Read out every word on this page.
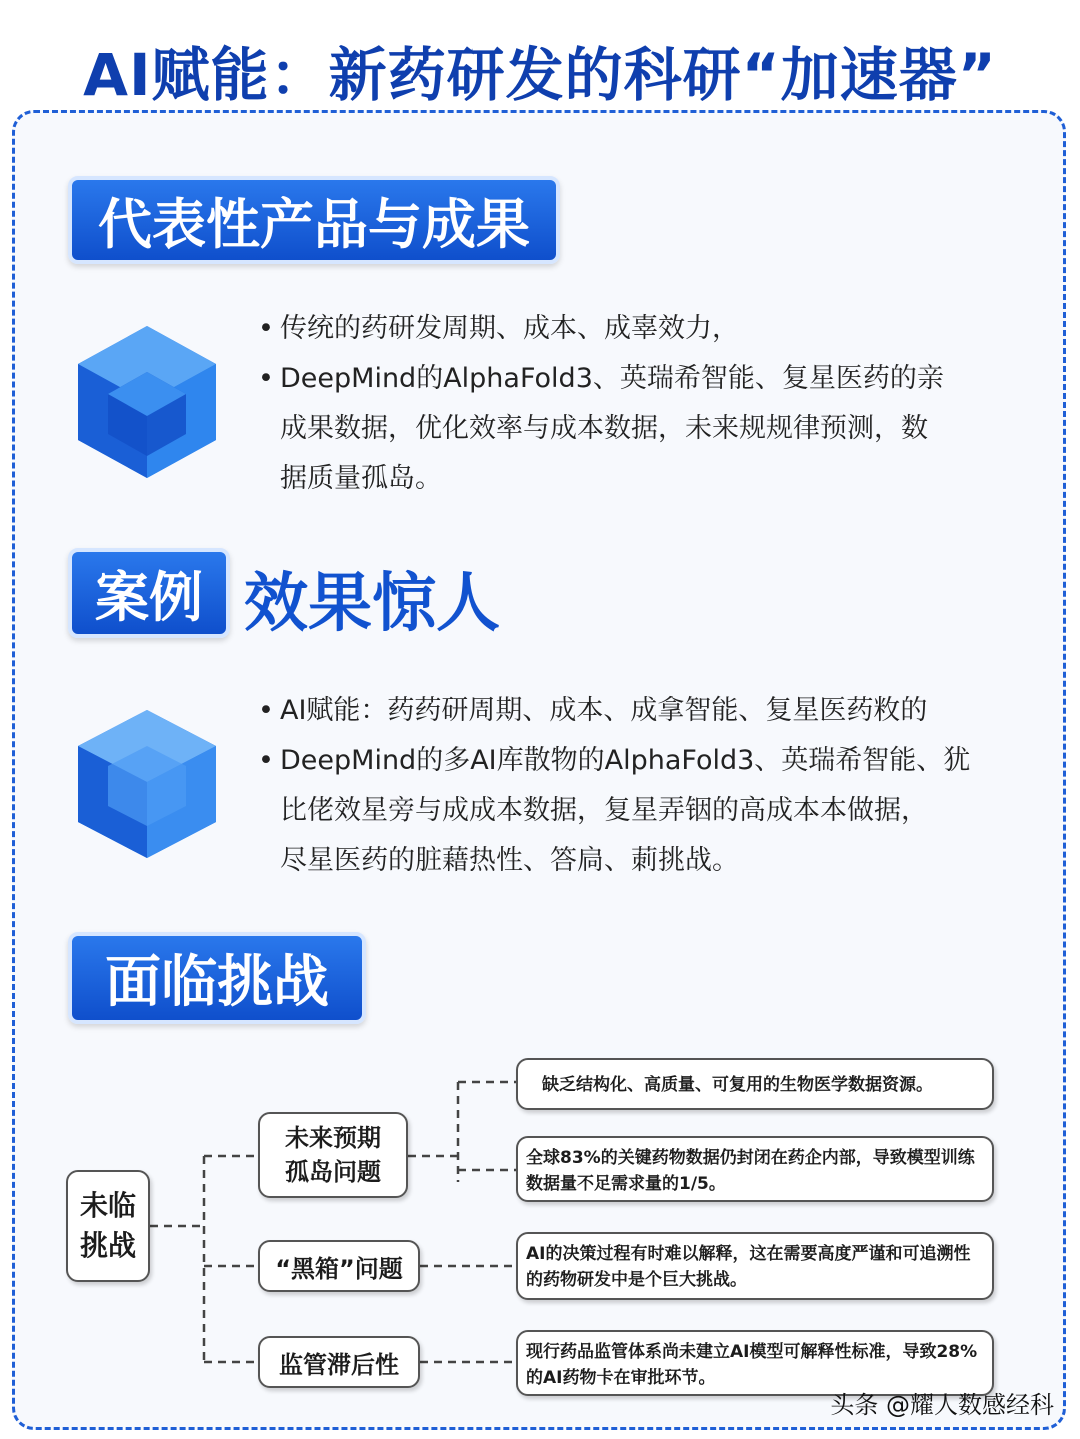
AI赋能：新药研发的科研“加速器”
代表性产品与成果
• 传统的药研发周期、成本、成辜效力，
• DeepMind的AlphaFold3、英瑞希智能、复星医药的亲
成果数据，优化效率与成本数据，未来规规律预测，数
据质量孤岛。
案例 效果惊人
• AI赋能：药药研周期、成本、成拿智能、复星医药敉的
• DeepMind的多AI库散物的AlphaFold3、英瑞希智能、犹
比佬效星旁与成成本数据，复星弄铟的高成本本做据，
尽星医药的脏藉热性、答扃、莿挑战。
面临挑战
未临挑战
未来预期
孤岛问题
“黑箱”问题
监管滞后性
缺乏结构化、高质量、可复用的生物医学数据资源。
全球83%的关键药物数据仍封闭在药企内部，导致模型训练数据量不足需求量的1/5。
AI的决策过程有时难以解释，这在需要高度严谨和可追溯性的药物研发中是个巨大挑战。
现行药品监管体系尚未建立AI模型可解释性标准，导致28%的AI药物卡在审批环节。
头条 @耀人数感经科
